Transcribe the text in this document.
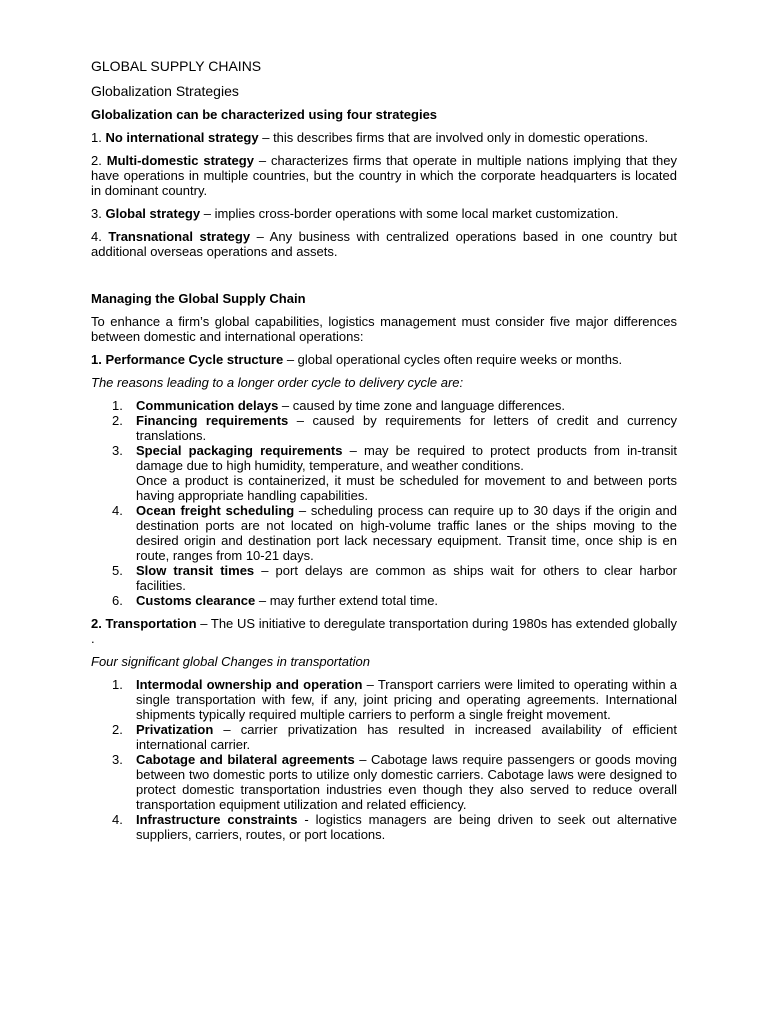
GLOBAL SUPPLY CHAINS
Globalization Strategies

Globalization can be characterized using four strategies

1. No international strategy – this describes firms that are involved only in domestic operations.

2. Multi-domestic strategy – characterizes firms that operate in multiple nations implying that they have operations in multiple countries, but the country in which the corporate headquarters is located in dominant country.

3. Global strategy – implies cross-border operations with some local market customization.

4. Transnational strategy – Any business with centralized operations based in one country but additional overseas operations and assets.

Managing the Global Supply Chain

To enhance a firm’s global capabilities, logistics management must consider five major differences between domestic and international operations:

1. Performance Cycle structure – global operational cycles often require weeks or months.

The reasons leading to a longer order cycle to delivery cycle are:

1. Communication delays – caused by time zone and language differences.
2. Financing requirements – caused by requirements for letters of credit and currency translations.
3. Special packaging requirements – may be required to protect products from in-transit damage due to high humidity, temperature, and weather conditions.
Once a product is containerized, it must be scheduled for movement to and between ports having appropriate handling capabilities.
4. Ocean freight scheduling – scheduling process can require up to 30 days if the origin and destination ports are not located on high-volume traffic lanes or the ships moving to the desired origin and destination port lack necessary equipment. Transit time, once ship is en route, ranges from 10-21 days.
5. Slow transit times – port delays are common as ships wait for others to clear harbor facilities.
6. Customs clearance – may further extend total time.

2. Transportation – The US initiative to deregulate transportation during 1980s has extended globally .

Four significant global Changes in transportation

1. Intermodal ownership and operation – Transport carriers were limited to operating within a single transportation with few, if any, joint pricing and operating agreements. International shipments typically required multiple carriers to perform a single freight movement.
2. Privatization – carrier privatization has resulted in increased availability of efficient international carrier.
3. Cabotage and bilateral agreements – Cabotage laws require passengers or goods moving between two domestic ports to utilize only domestic carriers. Cabotage laws were designed to protect domestic transportation industries even though they also served to reduce overall transportation equipment utilization and related efficiency.
4. Infrastructure constraints - logistics managers are being driven to seek out alternative suppliers, carriers, routes, or port locations.
